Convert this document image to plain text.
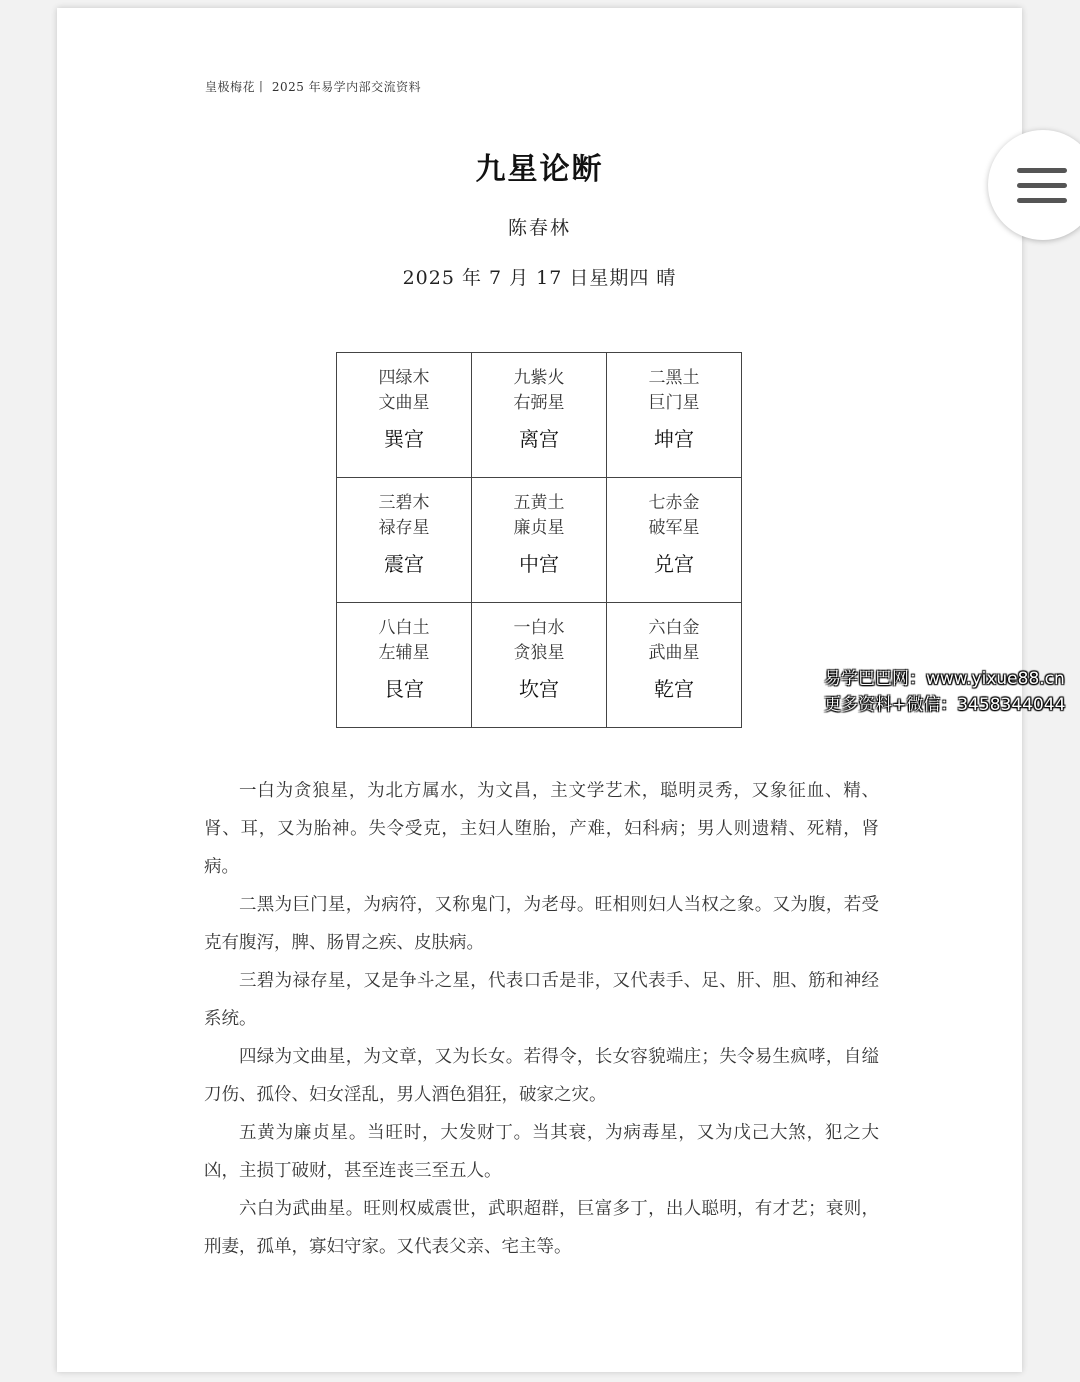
皇极梅花丨 2025 年易学内部交流资料
九星论断
陈春林
2025 年 7 月 17 日星期四 晴
四绿木
文曲星
巽宫	九紫火
右弼星
离宫	二黑土
巨门星
坤宫

三碧木
禄存星
震宫	五黄土
廉贞星
中宫	七赤金
破军星
兑宫

八白土
左辅星
艮宫	一白水
贪狼星
坎宫	六白金
武曲星
乾宫

一白为贪狼星，为北方属水，为文昌，主文学艺术，聪明灵秀，又象征血、精、肾、耳，又为胎神。失令受克，主妇人堕胎，产难，妇科病；男人则遗精、死精，肾病。

二黑为巨门星，为病符，又称鬼门，为老母。旺相则妇人当权之象。又为腹，若受克有腹泻，脾、肠胃之疾、皮肤病。

三碧为禄存星，又是争斗之星，代表口舌是非，又代表手、足、肝、胆、筋和神经系统。

四绿为文曲星，为文章，又为长女。若得令，长女容貌端庄；失令易生疯哮，自缢刀伤、孤伶、妇女淫乱，男人酒色猖狂，破家之灾。

五黄为廉贞星。当旺时，大发财丁。当其衰，为病毒星，又为戊己大煞，犯之大凶，主损丁破财，甚至连丧三至五人。

六白为武曲星。旺则权威震世，武职超群，巨富多丁，出人聪明，有才艺；衰则，刑妻，孤单，寡妇守家。又代表父亲、宅主等。

易学巴巴网：www.yixue88.cn
更多资料+微信：3458344044
